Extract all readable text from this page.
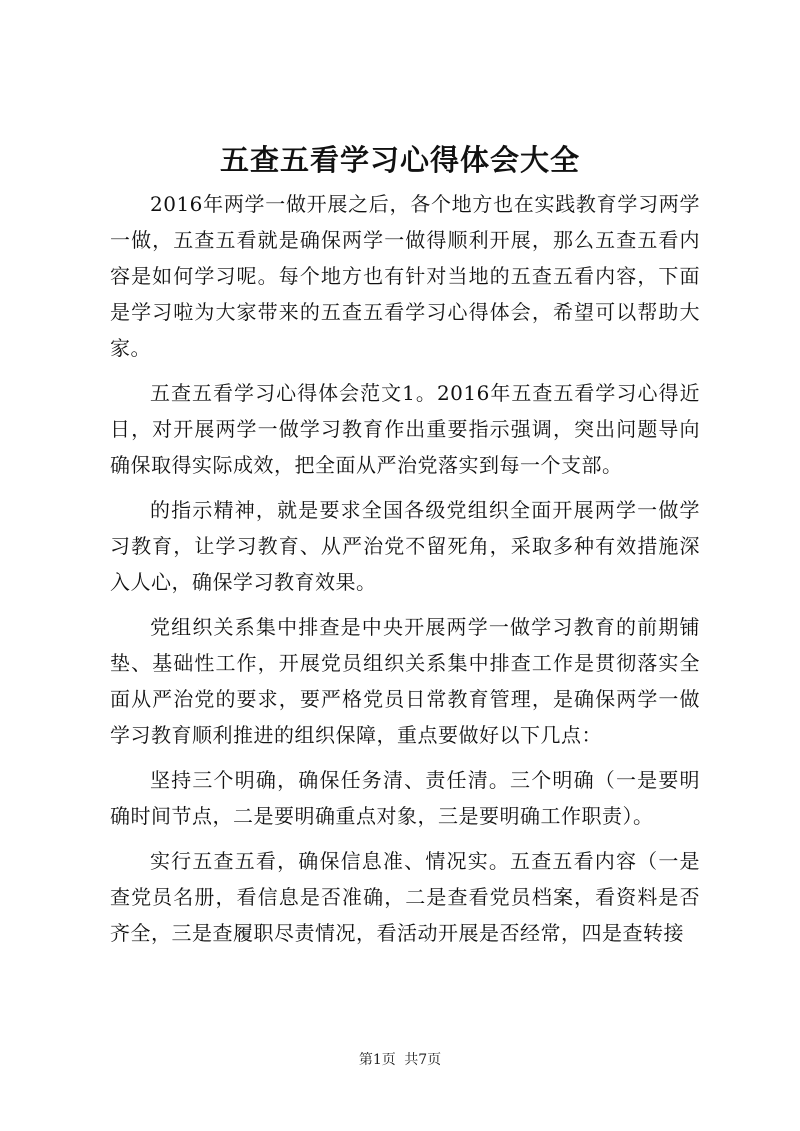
五查五看学习心得体会大全

2016年两学一做开展之后，各个地方也在实践教育学习两学一做，五查五看就是确保两学一做得顺利开展，那么五查五看内容是如何学习呢。每个地方也有针对当地的五查五看内容，下面是学习啦为大家带来的五查五看学习心得体会，希望可以帮助大家。

五查五看学习心得体会范文1。2016年五查五看学习心得近日，对开展两学一做学习教育作出重要指示强调，突出问题导向确保取得实际成效，把全面从严治党落实到每一个支部。

的指示精神，就是要求全国各级党组织全面开展两学一做学习教育，让学习教育、从严治党不留死角，采取多种有效措施深入人心，确保学习教育效果。

党组织关系集中排查是中央开展两学一做学习教育的前期铺垫、基础性工作，开展党员组织关系集中排查工作是贯彻落实全面从严治党的要求，要严格党员日常教育管理，是确保两学一做学习教育顺利推进的组织保障，重点要做好以下几点：

坚持三个明确，确保任务清、责任清。三个明确（一是要明确时间节点，二是要明确重点对象，三是要明确工作职责）。

实行五查五看，确保信息准、情况实。五查五看内容（一是查党员名册，看信息是否准确，二是查看党员档案，看资料是否齐全，三是查履职尽责情况，看活动开展是否经常，四是查转接

第1页 共7页
